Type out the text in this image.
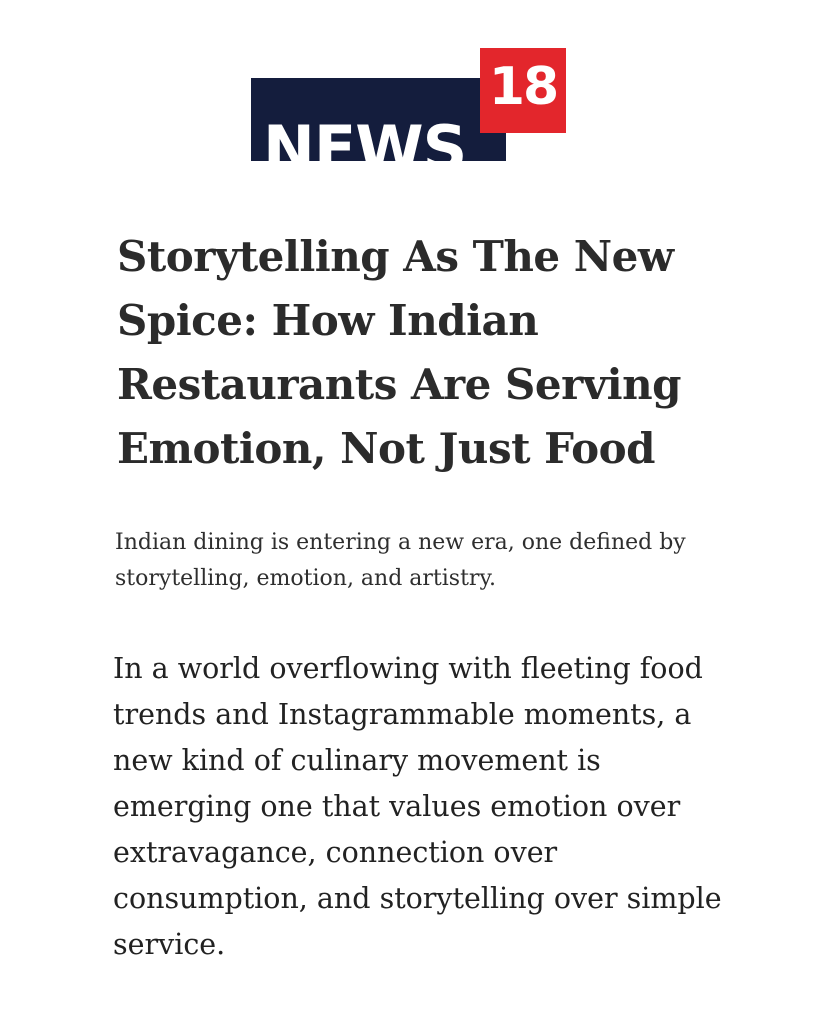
NEWS
18
Storytelling As The New Spice: How Indian Restaurants Are Serving Emotion, Not Just Food

Indian dining is entering a new era, one defined by storytelling, emotion, and artistry.

In a world overflowing with fleeting food trends and Instagrammable moments, a new kind of culinary movement is emerging one that values emotion over extravagance, connection over consumption, and storytelling over simple service.
